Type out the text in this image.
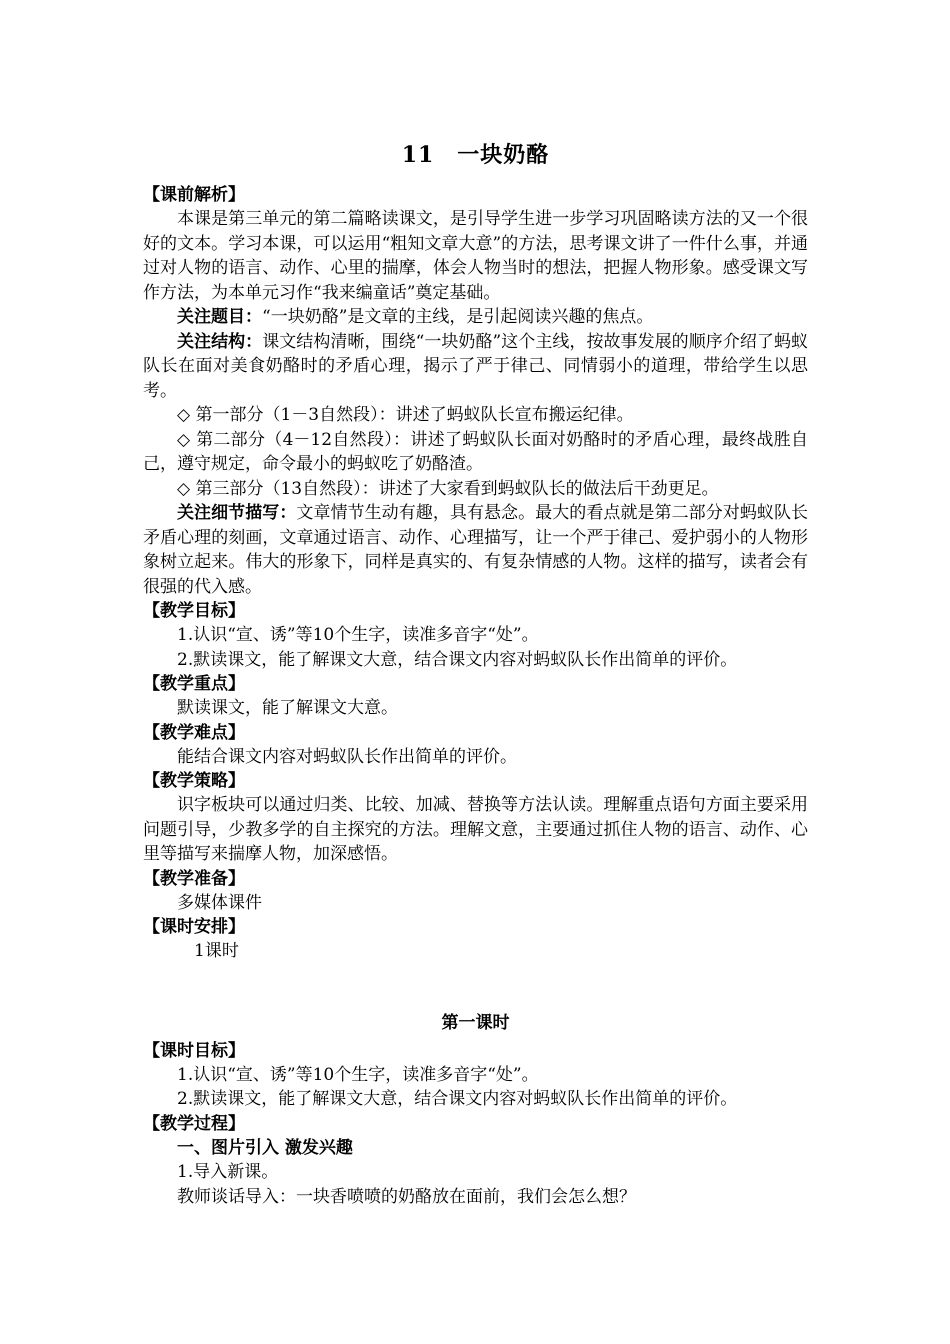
11　一块奶酪
【课前解析】

本课是第三单元的第二篇略读课文，是引导学生进一步学习巩固略读方法的又一个很好的文本。学习本课，可以运用“粗知文章大意”的方法，思考课文讲了一件什么事，并通过对人物的语言、动作、心里的揣摩，体会人物当时的想法，把握人物形象。感受课文写作方法，为本单元习作“我来编童话”奠定基础。

关注题目：“一块奶酪”是文章的主线，是引起阅读兴趣的焦点。

关注结构：课文结构清晰，围绕“一块奶酪”这个主线，按故事发展的顺序介绍了蚂蚁队长在面对美食奶酪时的矛盾心理，揭示了严于律己、同情弱小的道理，带给学生以思考。

◇ 第一部分（1－3自然段）：讲述了蚂蚁队长宣布搬运纪律。

◇ 第二部分（4－12自然段）：讲述了蚂蚁队长面对奶酪时的矛盾心理，最终战胜自己，遵守规定，命令最小的蚂蚁吃了奶酪渣。

◇ 第三部分（13自然段）：讲述了大家看到蚂蚁队长的做法后干劲更足。

关注细节描写：文章情节生动有趣，具有悬念。最大的看点就是第二部分对蚂蚁队长矛盾心理的刻画，文章通过语言、动作、心理描写，让一个严于律己、爱护弱小的人物形象树立起来。伟大的形象下，同样是真实的、有复杂情感的人物。这样的描写，读者会有很强的代入感。

【教学目标】

1.认识“宣、诱”等10个生字，读准多音字“处”。

2.默读课文，能了解课文大意，结合课文内容对蚂蚁队长作出简单的评价。

【教学重点】

默读课文，能了解课文大意。

【教学难点】

能结合课文内容对蚂蚁队长作出简单的评价。

【教学策略】

识字板块可以通过归类、比较、加减、替换等方法认读。理解重点语句方面主要采用问题引导，少教多学的自主探究的方法。理解文意，主要通过抓住人物的语言、动作、心里等描写来揣摩人物，加深感悟。

【教学准备】

多媒体课件

【课时安排】

1课时

第一课时
【课时目标】

1.认识“宣、诱”等10个生字，读准多音字“处”。

2.默读课文，能了解课文大意，结合课文内容对蚂蚁队长作出简单的评价。

【教学过程】

一、图片引入 激发兴趣

1.导入新课。

教师谈话导入：一块香喷喷的奶酪放在面前，我们会怎么想？
